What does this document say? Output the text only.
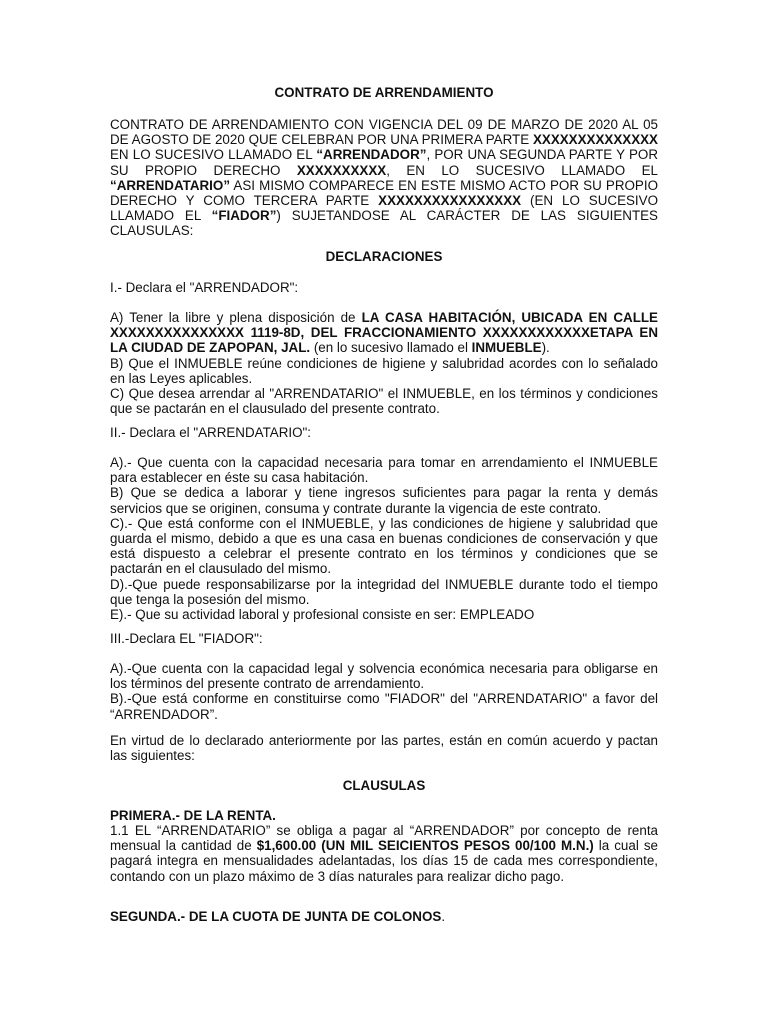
CONTRATO DE ARRENDAMIENTO

CONTRATO DE ARRENDAMIENTO CON VIGENCIA DEL 09 DE MARZO DE 2020 AL 05 DE AGOSTO DE 2020 QUE CELEBRAN POR UNA PRIMERA PARTE XXXXXXXXXXXXXX EN LO SUCESIVO LLAMADO EL “ARRENDADOR”, POR UNA SEGUNDA PARTE Y POR SU PROPIO DERECHO XXXXXXXXXX, EN LO SUCESIVO LLAMADO EL “ARRENDATARIO” ASI MISMO COMPARECE EN ESTE MISMO ACTO POR SU PROPIO DERECHO Y COMO TERCERA PARTE XXXXXXXXXXXXXXXX (EN LO SUCESIVO LLAMADO EL “FIADOR”) SUJETANDOSE AL CARÁCTER DE LAS SIGUIENTES CLAUSULAS:

DECLARACIONES

I.- Declara el "ARRENDADOR":

A) Tener la libre y plena disposición de LA CASA HABITACIÓN, UBICADA EN CALLE XXXXXXXXXXXXXXX 1119-8D, DEL FRACCIONAMIENTO XXXXXXXXXXXXETAPA EN LA CIUDAD DE ZAPOPAN, JAL. (en lo sucesivo llamado el INMUEBLE).

B) Que el INMUEBLE reúne condiciones de higiene y salubridad acordes con lo señalado en las Leyes aplicables.

C) Que desea arrendar al "ARRENDATARIO" el INMUEBLE, en los términos y condiciones que se pactarán en el clausulado del presente contrato.

II.- Declara el "ARRENDATARIO":

A).- Que cuenta con la capacidad necesaria para tomar en arrendamiento el INMUEBLE para establecer en éste su casa habitación.

B) Que se dedica a laborar y tiene ingresos suficientes para pagar la renta y demás servicios que se originen, consuma y contrate durante la vigencia de este contrato.

C).- Que está conforme con el INMUEBLE, y las condiciones de higiene y salubridad que guarda el mismo, debido a que es una casa en buenas condiciones de conservación y que está dispuesto a celebrar el presente contrato en los términos y condiciones que se pactarán en el clausulado del mismo.

D).-Que puede responsabilizarse por la integridad del INMUEBLE durante todo el tiempo que tenga la posesión del mismo.

E).- Que su actividad laboral y profesional consiste en ser: EMPLEADO

III.-Declara EL "FIADOR":

A).-Que cuenta con la capacidad legal y solvencia económica necesaria para obligarse en los términos del presente contrato de arrendamiento.

B).-Que está conforme en constituirse como "FIADOR" del "ARRENDATARIO" a favor del “ARRENDADOR”.

En virtud de lo declarado anteriormente por las partes, están en común acuerdo y pactan las siguientes:

CLAUSULAS

PRIMERA.- DE LA RENTA.

1.1 EL “ARRENDATARIO” se obliga a pagar al “ARRENDADOR” por concepto de renta mensual la cantidad de $1,600.00 (UN MIL SEICIENTOS PESOS 00/100 M.N.) la cual se pagará integra en mensualidades adelantadas, los días 15 de cada mes correspondiente, contando con un plazo máximo de 3 días naturales para realizar dicho pago.

SEGUNDA.- DE LA CUOTA DE JUNTA DE COLONOS.
